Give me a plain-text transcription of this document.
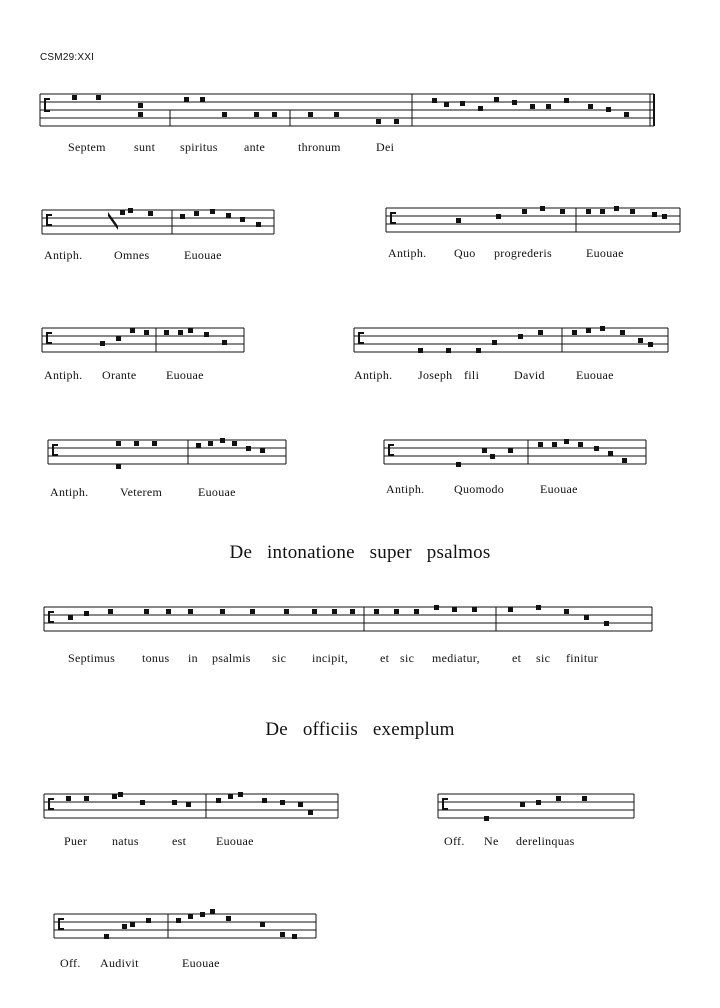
CSM29:XXI
Septem sunt spiritus ante	thronum	Dei
Antiph.	Omnes	Euouae	Antiph. Quo progrederis	Euouae
Antiph. Orante Euouae	Antiph. Joseph fili	David	Euouae
Antiph.	Veterem	Euouae	Antiph. Quomodo	Euouae
De intonatione super psalmos
Septimus tonus in psalmis sic incipit,	et sic mediatur,	et sic finitur
De officiis exemplum
Puer natus	est Euouae	Off. Ne derelinquas
Off. Audivit	Euouae
